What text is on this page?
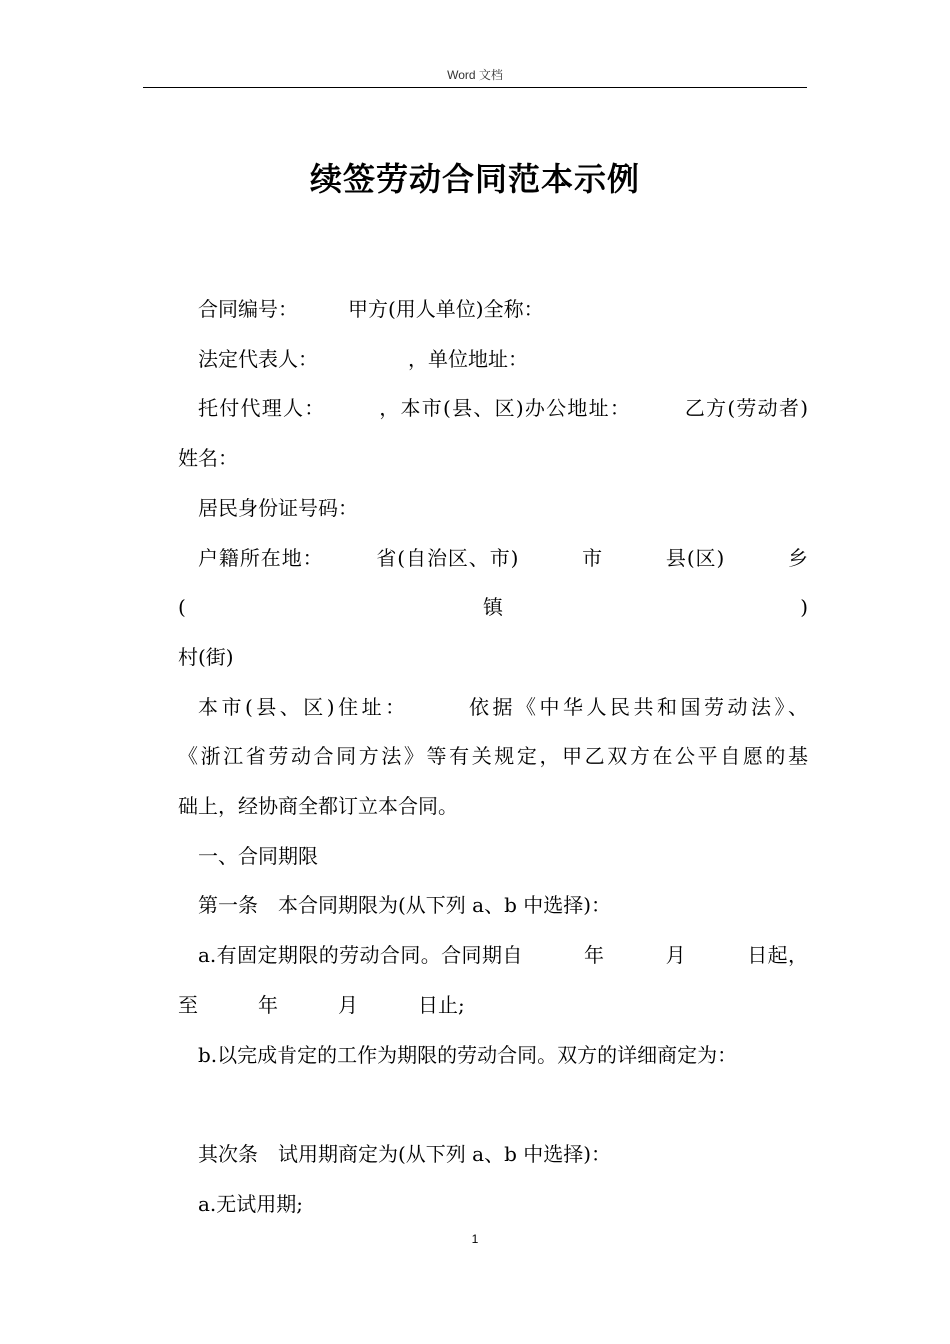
Word 文档
续签劳动合同范本示例

合同编号：　　　甲方(用人单位)全称：

法定代表人：　　　　　，单位地址：

托付代理人：　　　，本市(县、区)办公地址：　　　乙方(劳动者)
姓名：

居民身份证号码：

户籍所在地：　　　省(自治区、市)　　　市　　　县(区)　　　乡(镇)
村(街)

本市(县、区)住址：　　　依据《中华人民共和国劳动法》、
《浙江省劳动合同方法》等有关规定，甲乙双方在公平自愿的基
础上，经协商全都订立本合同。

一、合同期限

第一条　本合同期限为(从下列 a、b 中选择)：

a.有固定期限的劳动合同。合同期自　　　年　　　月　　　日起，
至　　　年　　　月　　　日止;

b.以完成肯定的工作为期限的劳动合同。双方的详细商定为：

其次条　试用期商定为(从下列 a、b 中选择)：

a.无试用期;

1
